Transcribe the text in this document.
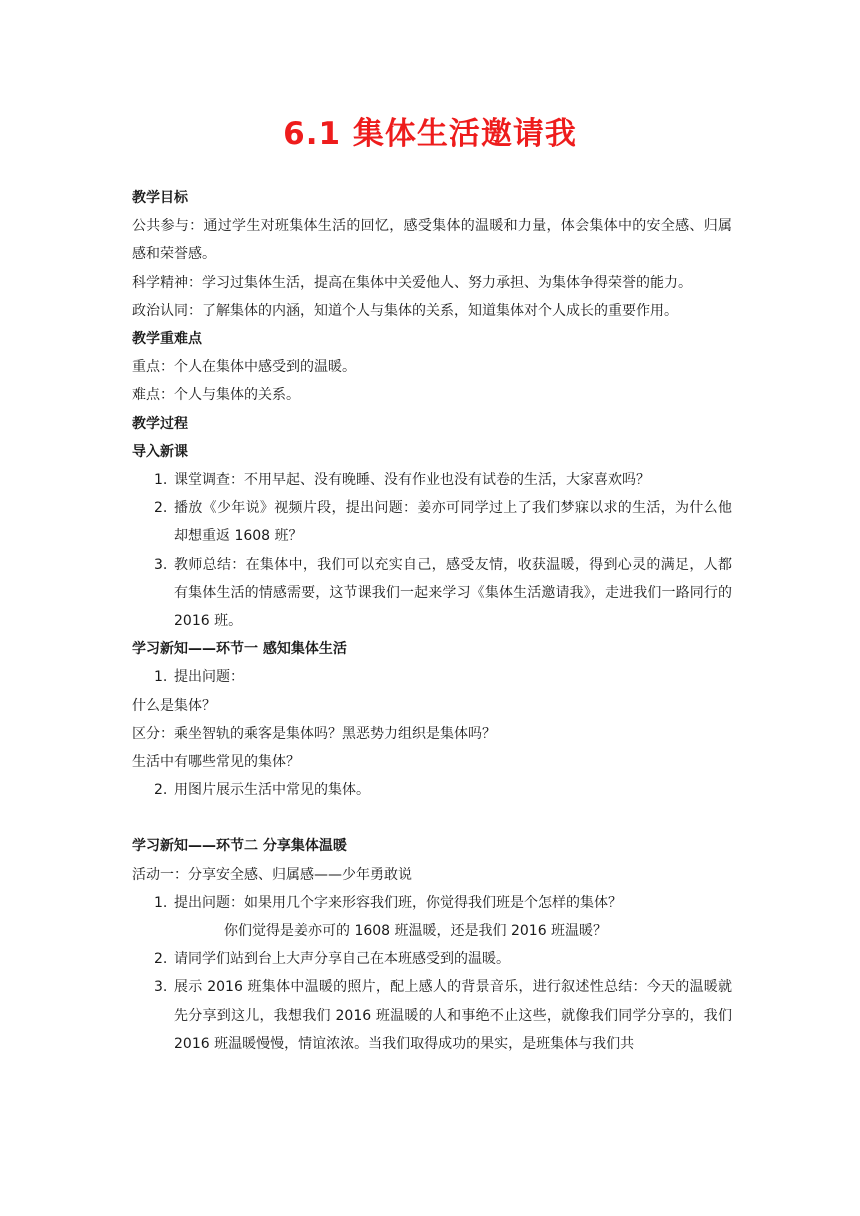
6.1 集体生活邀请我
教学目标
公共参与：通过学生对班集体生活的回忆，感受集体的温暖和力量，体会集体中的安全感、归属感和荣誉感。
科学精神：学习过集体生活，提高在集体中关爱他人、努力承担、为集体争得荣誉的能力。
政治认同：了解集体的内涵，知道个人与集体的关系，知道集体对个人成长的重要作用。
教学重难点
重点：个人在集体中感受到的温暖。
难点：个人与集体的关系。
教学过程
导入新课
1. 课堂调查：不用早起、没有晚睡、没有作业也没有试卷的生活，大家喜欢吗？
2. 播放《少年说》视频片段，提出问题：姜亦可同学过上了我们梦寐以求的生活，为什么他却想重返 1608 班？
3. 教师总结：在集体中，我们可以充实自己，感受友情，收获温暖，得到心灵的满足，人都有集体生活的情感需要，这节课我们一起来学习《集体生活邀请我》，走进我们一路同行的 2016 班。
学习新知——环节一 感知集体生活
1. 提出问题：
什么是集体？
区分：乘坐智轨的乘客是集体吗？黑恶势力组织是集体吗？
生活中有哪些常见的集体？
2. 用图片展示生活中常见的集体。
学习新知——环节二 分享集体温暖
活动一：分享安全感、归属感——少年勇敢说
1. 提出问题：如果用几个字来形容我们班，你觉得我们班是个怎样的集体？
你们觉得是姜亦可的 1608 班温暖，还是我们 2016 班温暖？
2. 请同学们站到台上大声分享自己在本班感受到的温暖。
3. 展示 2016 班集体中温暖的照片，配上感人的背景音乐，进行叙述性总结：今天的温暖就先分享到这儿，我想我们 2016 班温暖的人和事绝不止这些，就像我们同学分享的，我们 2016 班温暖慢慢，情谊浓浓。当我们取得成功的果实，是班集体与我们共
